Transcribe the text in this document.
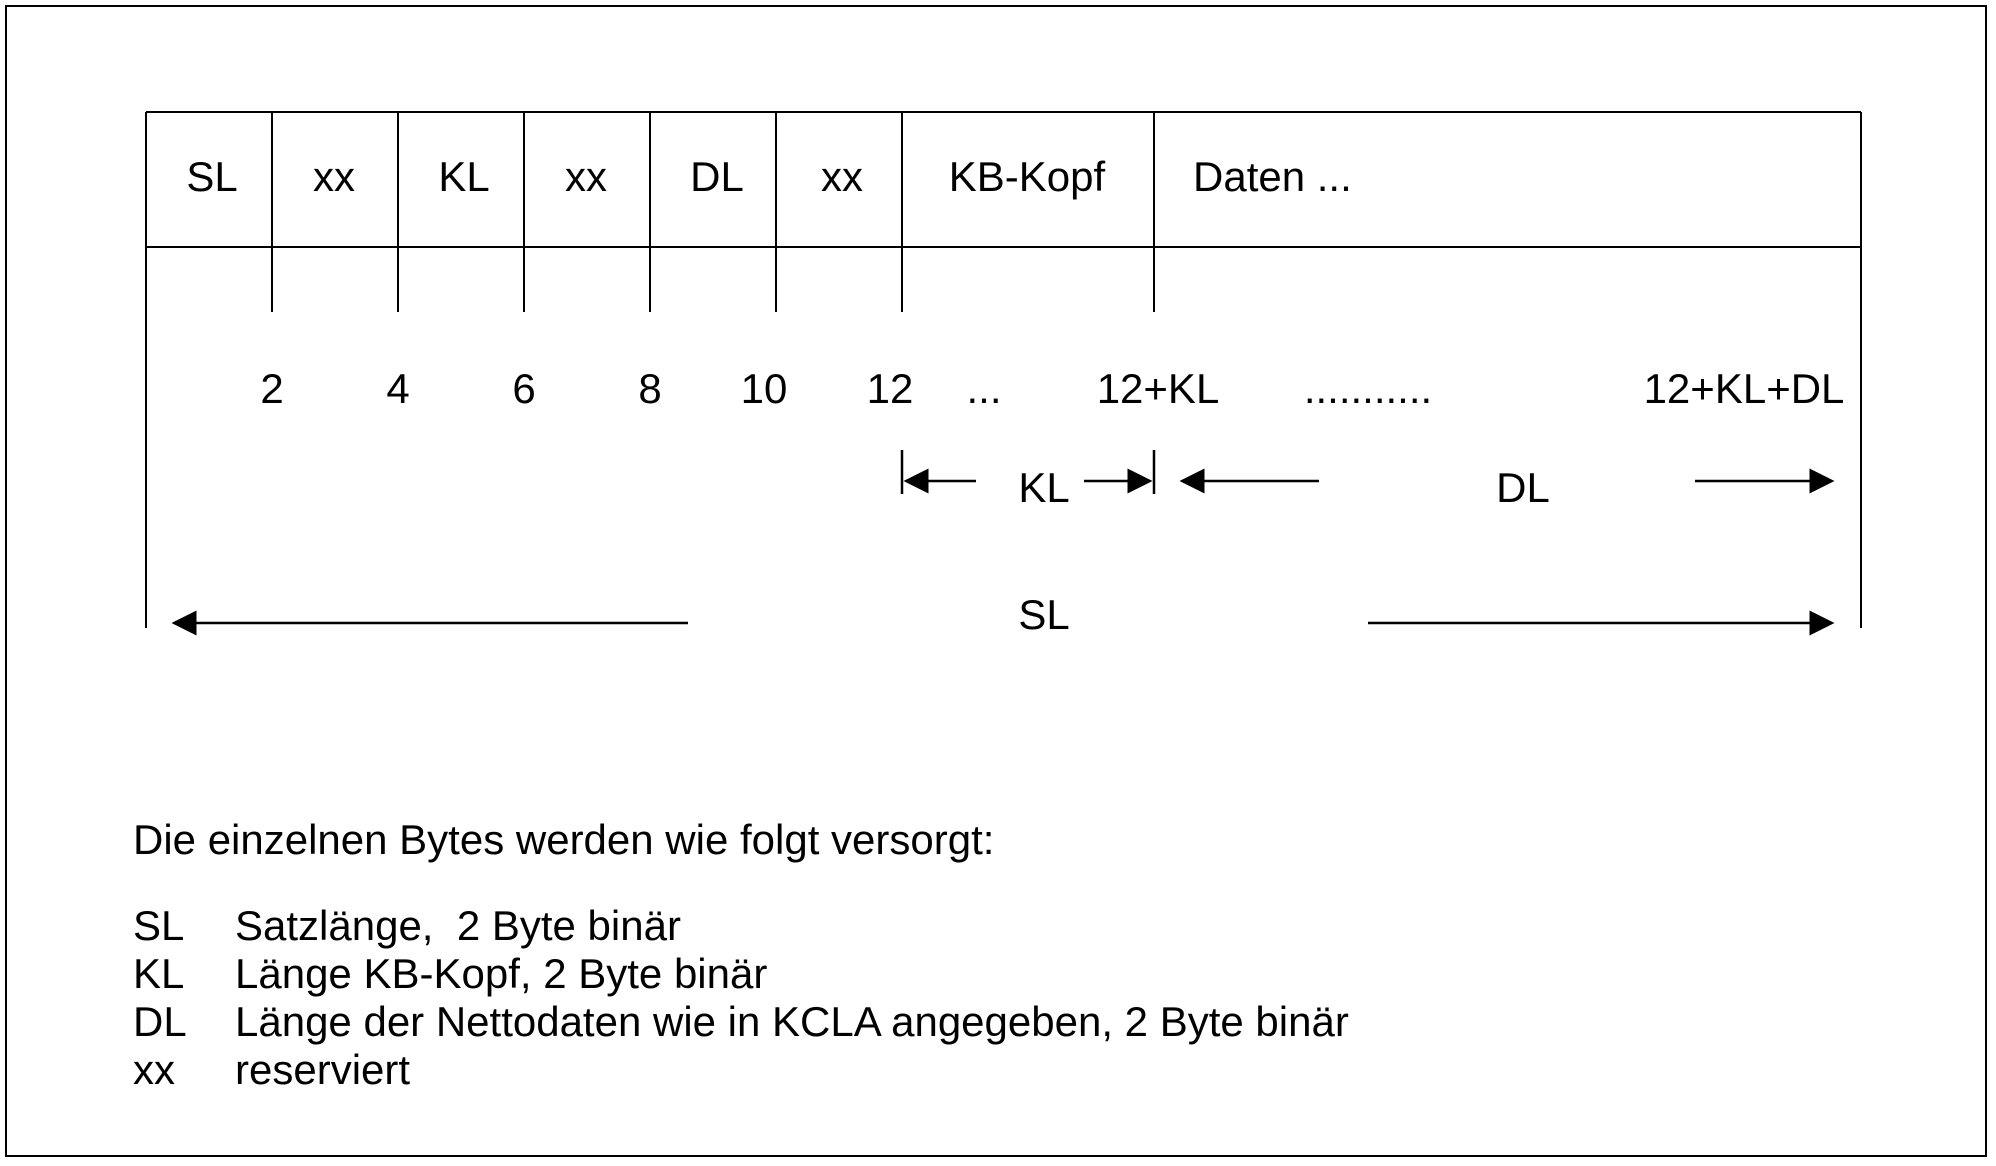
SL xx KL xx DL xx KB-Kopf Daten ...
2 4 6 8 10 12 ... 12+KL ...........	12+KL+DL
KL	DL
SL
Die einzelnen Bytes werden wie folgt versorgt:
SL	Satzlänge,  2 Byte binär
KL	Länge KB-Kopf, 2 Byte binär
DL	Länge der Nettodaten wie in KCLA angegeben, 2 Byte binär
xx	reserviert
